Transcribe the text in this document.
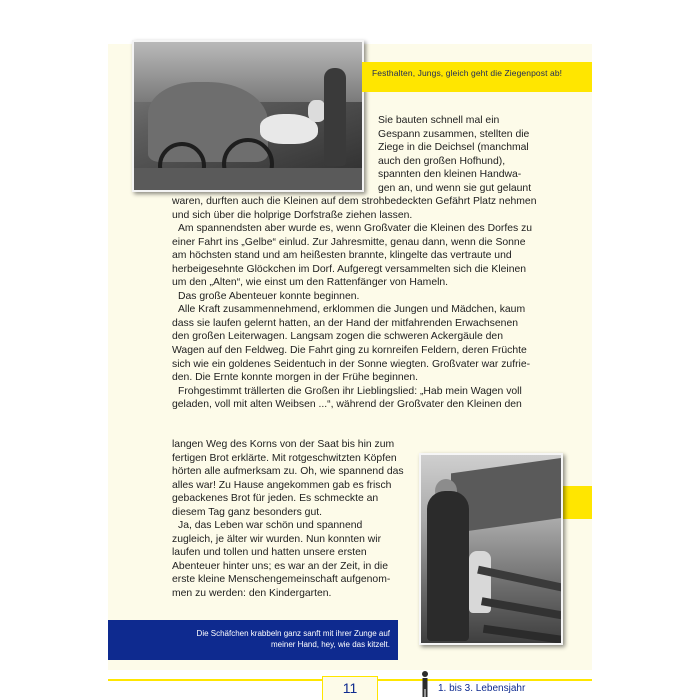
Festhalten, Jungs, gleich geht die Ziegenpost ab!

Sie bauten schnell mal ein

Gespann zusammen, stellten die

Ziege in die Deichsel (manchmal

auch den großen Hofhund),

spannten den kleinen Handwa-

gen an, und wenn sie gut gelaunt

waren, durften auch die Kleinen auf dem strohbedeckten Gefährt Platz nehmen

und sich über die holprige Dorfstraße ziehen lassen.

Am spannendsten aber wurde es, wenn Großvater die Kleinen des Dorfes zu

einer Fahrt ins „Gelbe“ einlud. Zur Jahresmitte, genau dann, wenn die Sonne

am höchsten stand und am heißesten brannte, klingelte das vertraute und

herbeigesehnte Glöckchen im Dorf. Aufgeregt versammelten sich die Kleinen

um den „Alten“, wie einst um den Rattenfänger von Hameln.

Das große Abenteuer konnte beginnen.

Alle Kraft zusammennehmend, erklommen die Jungen und Mädchen, kaum

dass sie laufen gelernt hatten, an der Hand der mitfahrenden Erwachsenen

den großen Leiterwagen. Langsam zogen die schweren Ackergäule den

Wagen auf den Feldweg. Die Fahrt ging zu kornreifen Feldern, deren Früchte

sich wie ein goldenes Seidentuch in der Sonne wiegten. Großvater war zufrie-

den. Die Ernte konnte morgen in der Frühe beginnen.

Frohgestimmt trällerten die Großen ihr Lieblingslied: „Hab mein Wagen voll

geladen, voll mit alten Weibsen ...“, während der Großvater den Kleinen den

langen Weg des Korns von der Saat bis hin zum

fertigen Brot erklärte. Mit rotgeschwitzten Köpfen

hörten alle aufmerksam zu. Oh, wie spannend das

alles war! Zu Hause angekommen gab es frisch

gebackenes Brot für jeden. Es schmeckte an

diesem Tag ganz besonders gut.

Ja, das Leben war schön und spannend

zugleich, je älter wir wurden. Nun konnten wir

laufen und tollen und hatten unsere ersten

Abenteuer hinter uns; es war an der Zeit, in die

erste kleine Menschengemeinschaft aufgenom-

men zu werden: den Kindergarten.

Die Schäfchen krabbeln ganz sanft mit ihrer Zunge auf
meiner Hand, hey, wie das kitzelt.
11	1. bis 3. Lebensjahr
